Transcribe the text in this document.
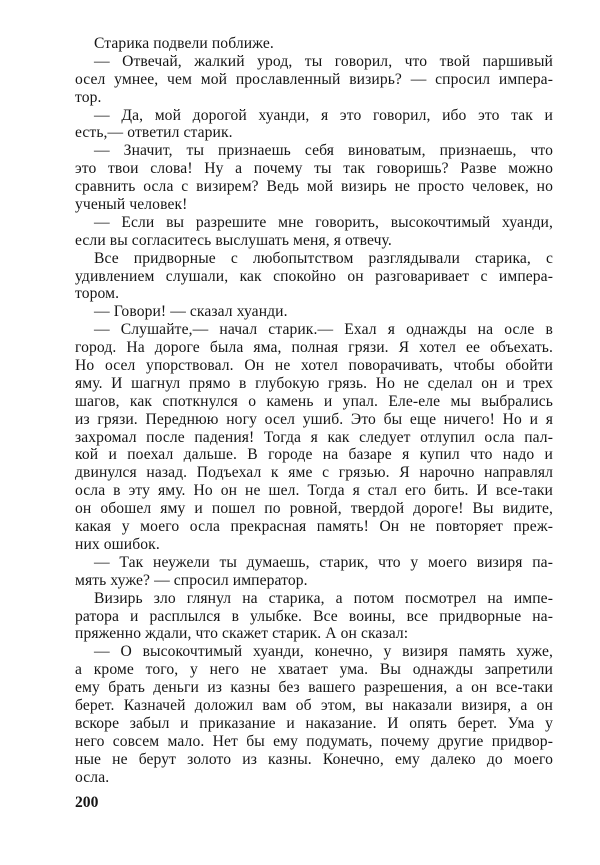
Старика подвели поближе.
— Отвечай, жалкий урод, ты говорил, что твой паршивый
осел умнее, чем мой прославленный визирь? — спросил импера-
тор.
— Да, мой дорогой хуанди, я это говорил, ибо это так и
есть,— ответил старик.
— Значит, ты признаешь себя виноватым, признаешь, что
это твои слова! Ну а почему ты так говоришь? Разве можно
сравнить осла с визирем? Ведь мой визирь не просто человек, но
ученый человек!
— Если вы разрешите мне говорить, высокочтимый хуанди,
если вы согласитесь выслушать меня, я отвечу.
Все придворные с любопытством разглядывали старика, с
удивлением слушали, как спокойно он разговаривает с импера-
тором.
— Говори! — сказал хуанди.
— Слушайте,— начал старик.— Ехал я однажды на осле в
город. На дороге была яма, полная грязи. Я хотел ее объехать.
Но осел упорствовал. Он не хотел поворачивать, чтобы обойти
яму. И шагнул прямо в глубокую грязь. Но не сделал он и трех
шагов, как споткнулся о камень и упал. Еле-еле мы выбрались
из грязи. Переднюю ногу осел ушиб. Это бы еще ничего! Но и я
захромал после падения! Тогда я как следует отлупил осла пал-
кой и поехал дальше. В городе на базаре я купил что надо и
двинулся назад. Подъехал к яме с грязью. Я нарочно направлял
осла в эту яму. Но он не шел. Тогда я стал его бить. И все-таки
он обошел яму и пошел по ровной, твердой дороге! Вы видите,
какая у моего осла прекрасная память! Он не повторяет преж-
них ошибок.
— Так неужели ты думаешь, старик, что у моего визиря па-
мять хуже? — спросил император.
Визирь зло глянул на старика, а потом посмотрел на импе-
ратора и расплылся в улыбке. Все воины, все придворные на-
пряженно ждали, что скажет старик. А он сказал:
— О высокочтимый хуанди, конечно, у визиря память хуже,
а кроме того, у него не хватает ума. Вы однажды запретили
ему брать деньги из казны без вашего разрешения, а он все-таки
берет. Казначей доложил вам об этом, вы наказали визиря, а он
вскоре забыл и приказание и наказание. И опять берет. Ума у
него совсем мало. Нет бы ему подумать, почему другие придвор-
ные не берут золото из казны. Конечно, ему далеко до моего
осла.
200
